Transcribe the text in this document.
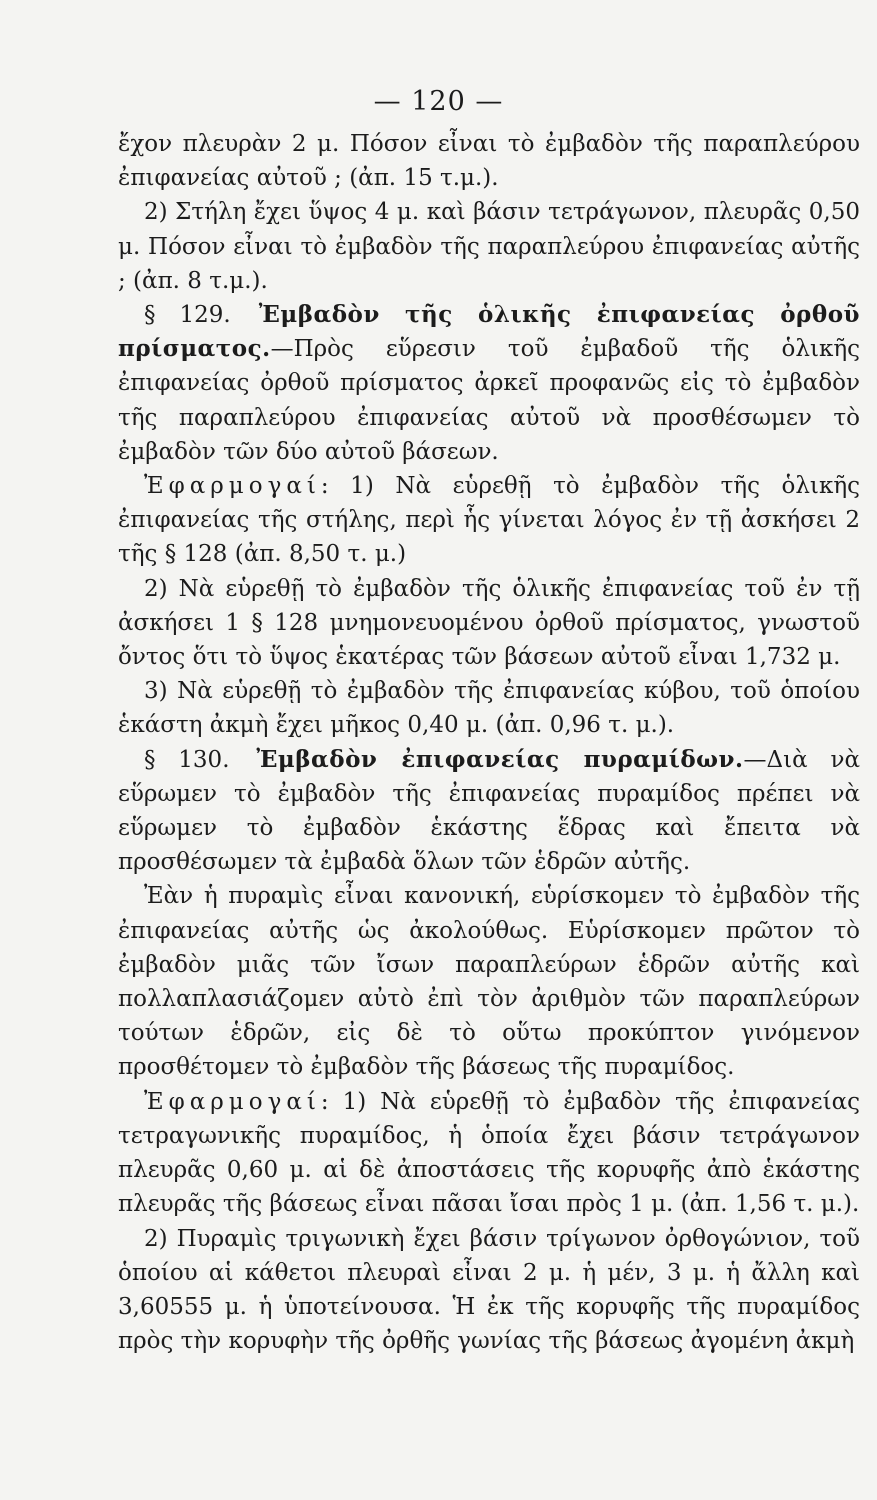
— 120 —

ἔχον πλευρὰν 2 μ. Πόσον εἶναι τὸ ἐμβαδὸν τῆς παραπλεύρου ἐπιφανείας αὐτοῦ ; (ἀπ. 15 τ.μ.).

2) Στήλη ἔχει ὕψος 4 μ. καὶ βάσιν τετράγωνον, πλευρᾶς 0,50 μ. Πόσον εἶναι τὸ ἐμβαδὸν τῆς παραπλεύρου ἐπιφανείας αὐτῆς ; (ἀπ. 8 τ.μ.).

§ 129. Ἐμβαδὸν τῆς ὁλικῆς ἐπιφανείας ὀρθοῦ πρίσματος.—Πρὸς εὕρεσιν τοῦ ἐμβαδοῦ τῆς ὁλικῆς ἐπιφανείας ὀρθοῦ πρίσματος ἀρκεῖ προφανῶς εἰς τὸ ἐμβαδὸν τῆς παραπλεύρου ἐπιφανείας αὐτοῦ νὰ προσθέσωμεν τὸ ἐμβαδὸν τῶν δύο αὐτοῦ βάσεων.

Ἐφαρμογαί: 1) Νὰ εὑρεθῇ τὸ ἐμβαδὸν τῆς ὁλικῆς ἐπιφανείας τῆς στήλης, περὶ ἧς γίνεται λόγος ἐν τῇ ἀσκήσει 2 τῆς § 128 (ἀπ. 8,50 τ. μ.)

2) Νὰ εὑρεθῇ τὸ ἐμβαδὸν τῆς ὁλικῆς ἐπιφανείας τοῦ ἐν τῇ ἀσκήσει 1 § 128 μνημονευομένου ὀρθοῦ πρίσματος, γνωστοῦ ὄντος ὅτι τὸ ὕψος ἑκατέρας τῶν βάσεων αὐτοῦ εἶναι 1,732 μ.

3) Νὰ εὑρεθῇ τὸ ἐμβαδὸν τῆς ἐπιφανείας κύβου, τοῦ ὁποίου ἑκάστη ἀκμὴ ἔχει μῆκος 0,40 μ. (ἀπ. 0,96 τ. μ.).

§ 130. Ἐμβαδὸν ἐπιφανείας πυραμίδων.—Διὰ νὰ εὕρωμεν τὸ ἐμβαδὸν τῆς ἐπιφανείας πυραμίδος πρέπει νὰ εὕρωμεν τὸ ἐμβαδὸν ἑκάστης ἕδρας καὶ ἔπειτα νὰ προσθέσωμεν τὰ ἐμβαδὰ ὅλων τῶν ἑδρῶν αὐτῆς.

Ἐὰν ἡ πυραμὶς εἶναι κανονική, εὑρίσκομεν τὸ ἐμβαδὸν τῆς ἐπιφανείας αὐτῆς ὡς ἀκολούθως. Εὑρίσκομεν πρῶτον τὸ ἐμβαδὸν μιᾶς τῶν ἴσων παραπλεύρων ἑδρῶν αὐτῆς καὶ πολλαπλασιάζομεν αὐτὸ ἐπὶ τὸν ἀριθμὸν τῶν παραπλεύρων τούτων ἑδρῶν, εἰς δὲ τὸ οὕτω προκύπτον γινόμενον προσθέτομεν τὸ ἐμβαδὸν τῆς βάσεως τῆς πυραμίδος.

Ἐφαρμογαί: 1) Νὰ εὑρεθῇ τὸ ἐμβαδὸν τῆς ἐπιφανείας τετραγωνικῆς πυραμίδος, ἡ ὁποία ἔχει βάσιν τετράγωνον πλευρᾶς 0,60 μ. αἱ δὲ ἀποστάσεις τῆς κορυφῆς ἀπὸ ἑκάστης πλευρᾶς τῆς βάσεως εἶναι πᾶσαι ἴσαι πρὸς 1 μ. (ἀπ. 1,56 τ. μ.).

2) Πυραμὶς τριγωνικὴ ἔχει βάσιν τρίγωνον ὀρθογώνιον, τοῦ ὁποίου αἱ κάθετοι πλευραὶ εἶναι 2 μ. ἡ μέν, 3 μ. ἡ ἄλλη καὶ 3,60555 μ. ἡ ὑποτείνουσα. Ἡ ἐκ τῆς κορυφῆς τῆς πυραμίδος πρὸς τὴν κορυφὴν τῆς ὀρθῆς γωνίας τῆς βάσεως ἀγομένη ἀκμὴ
